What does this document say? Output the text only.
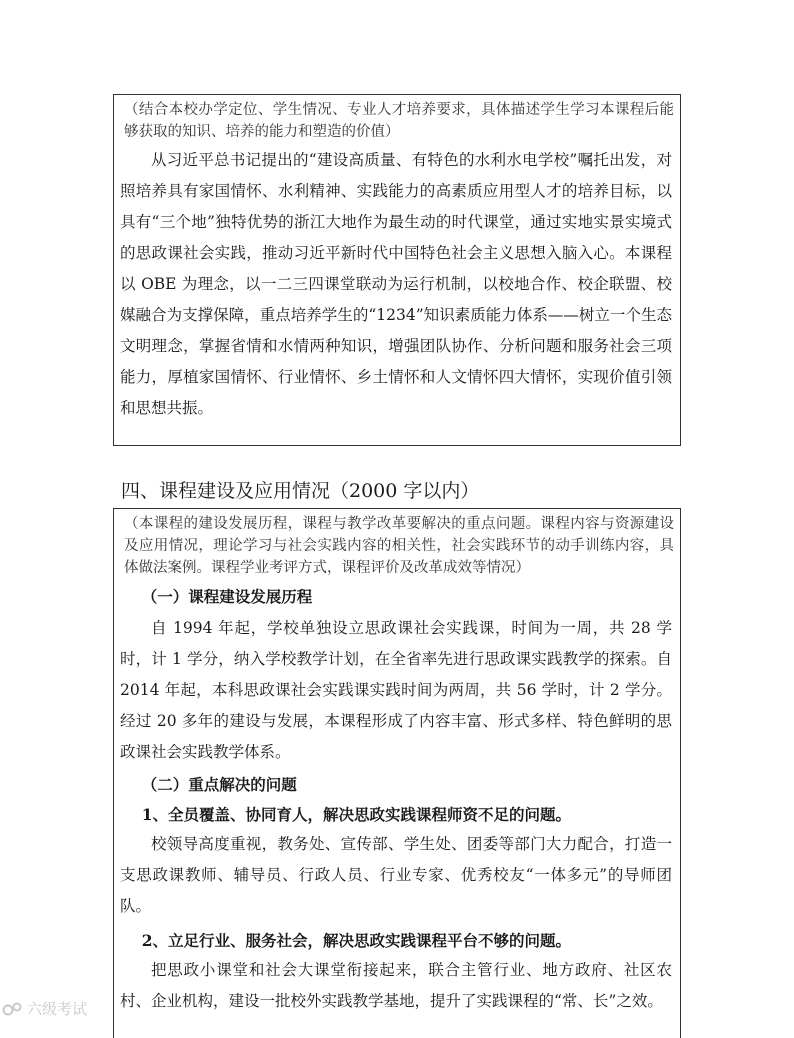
（结合本校办学定位、学生情况、专业人才培养要求，具体描述学生学习本课程后能够获取的知识、培养的能力和塑造的价值）
从习近平总书记提出的“建设高质量、有特色的水利水电学校”嘱托出发，对照培养具有家国情怀、水利精神、实践能力的高素质应用型人才的培养目标，以具有“三个地”独特优势的浙江大地作为最生动的时代课堂，通过实地实景实境式的思政课社会实践，推动习近平新时代中国特色社会主义思想入脑入心。本课程以 OBE 为理念，以一二三四课堂联动为运行机制，以校地合作、校企联盟、校媒融合为支撑保障，重点培养学生的“1234”知识素质能力体系——树立一个生态文明理念，掌握省情和水情两种知识，增强团队协作、分析问题和服务社会三项能力，厚植家国情怀、行业情怀、乡土情怀和人文情怀四大情怀，实现价值引领和思想共振。
四、课程建设及应用情况（2000 字以内）
（本课程的建设发展历程，课程与教学改革要解决的重点问题。课程内容与资源建设及应用情况，理论学习与社会实践内容的相关性，社会实践环节的动手训练内容，具体做法案例。课程学业考评方式，课程评价及改革成效等情况）
（一）课程建设发展历程
自 1994 年起，学校单独设立思政课社会实践课，时间为一周，共 28 学时，计 1 学分，纳入学校教学计划，在全省率先进行思政课实践教学的探索。自 2014 年起，本科思政课社会实践课实践时间为两周，共 56 学时，计 2 学分。经过 20 多年的建设与发展，本课程形成了内容丰富、形式多样、特色鲜明的思政课社会实践教学体系。
（二）重点解决的问题
1、全员覆盖、协同育人，解决思政实践课程师资不足的问题。
校领导高度重视，教务处、宣传部、学生处、团委等部门大力配合，打造一支思政课教师、辅导员、行政人员、行业专家、优秀校友“一体多元”的导师团队。
2、立足行业、服务社会，解决思政实践课程平台不够的问题。
把思政小课堂和社会大课堂衔接起来，联合主管行业、地方政府、社区农村、企业机构，建设一批校外实践教学基地，提升了实践课程的“常、长”之效。
六级考试
